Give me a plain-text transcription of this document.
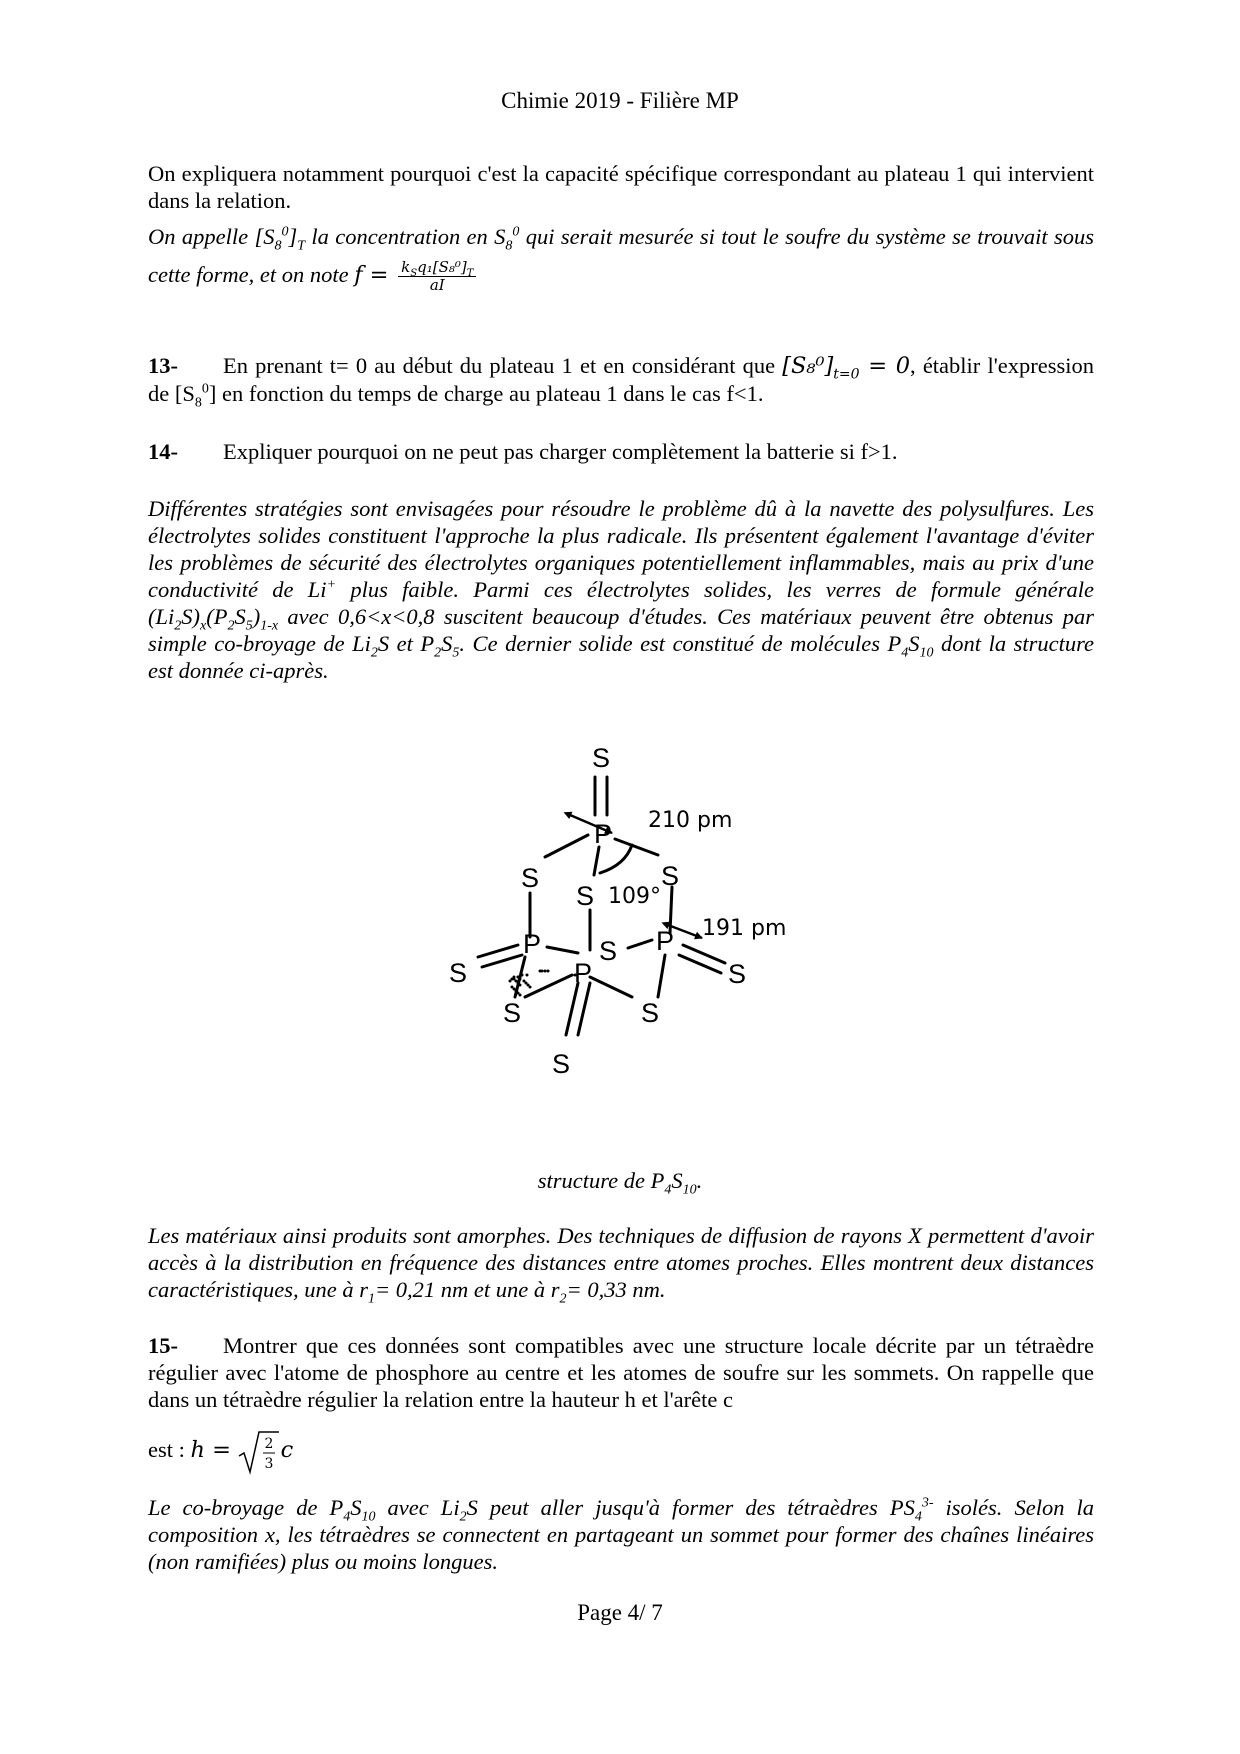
Chimie 2019 - Filière MP
On expliquera notamment pourquoi c'est la capacité spécifique correspondant au plateau 1 qui intervient dans la relation.
On appelle $[S_8^0]_T$ la concentration en $S_8^0$ qui serait mesurée si tout le soufre du système se trouvait sous cette forme, et on note $f = \frac{k_Sq_1[S_8^0]_T}{aI}$
13- En prenant t= 0 au début du plateau 1 et en considérant que $[S_8^0]_{t=0} = 0$, établir l'expression de $[S_8^0]$ en fonction du temps de charge au plateau 1 dans le cas f<1.
14- Expliquer pourquoi on ne peut pas charger complètement la batterie si f>1.
Différentes stratégies sont envisagées pour résoudre le problème dû à la navette des polysulfures. Les électrolytes solides constituent l'approche la plus radicale. Ils présentent également l'avantage d'éviter les problèmes de sécurité des électrolytes organiques potentiellement inflammables, mais au prix d'une conductivité de Li+ plus faible. Parmi ces électrolytes solides, les verres de formule générale $(Li_2S)_x(P_2S_5)_{1-x}$ avec 0,6<x<0,8 suscitent beaucoup d'études. Ces matériaux peuvent être obtenus par simple co-broyage de $Li_2S$ et $P_2S_5$. Ce dernier solide est constitué de molécules $P_4S_{10}$ dont la structure est donnée ci-après.
S
P
S	S
S
P S P
S	S
P
S	S
S
210 pm
109°
191 pm
structure de $P_4S_{10}$.
Les matériaux ainsi produits sont amorphes. Des techniques de diffusion de rayons X permettent d'avoir accès à la distribution en fréquence des distances entre atomes proches. Elles montrent deux distances caractéristiques, une à $r_1= 0,21$ nm et une à $r_2= 0,33$ nm.
15- Montrer que ces données sont compatibles avec une structure locale décrite par un tétraèdre régulier avec l'atome de phosphore au centre et les atomes de soufre sur les sommets. On rappelle que dans un tétraèdre régulier la relation entre la hauteur h et l'arête c
est : h = 2
3
c
Le co-broyage de $P_4S_{10}$ avec $Li_2S$ peut aller jusqu'à former des tétraèdres $PS_4^{3-}$ isolés. Selon la composition x, les tétraèdres se connectent en partageant un sommet pour former des chaînes linéaires (non ramifiées) plus ou moins longues.
Page 4/ 7
